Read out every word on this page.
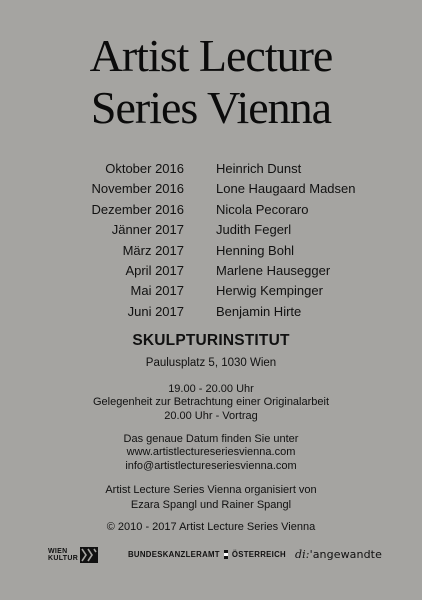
Artist Lecture
Series Vienna
Oktober 2016 Heinrich Dunst
November 2016 Lone Haugaard Madsen
Dezember 2016 Nicola Pecoraro
Jänner 2017 Judith Fegerl
März 2017 Henning Bohl
April 2017 Marlene Hausegger
Mai 2017 Herwig Kempinger
Juni 2017 Benjamin Hirte
SKULPTURINSTITUT
Paulusplatz 5, 1030 Wien
19.00 - 20.00 Uhr
Gelegenheit zur Betrachtung einer Originalarbeit
20.00 Uhr - Vortrag
Das genaue Datum finden Sie unter
www.artistlectureseriesvienna.com
info@artistlectureseriesvienna.com
Artist Lecture Series Vienna organisiert von
Ezara Spangl und Rainer Spangl
© 2010 - 2017 Artist Lecture Series Vienna
WIEN
KULTUR	BUNDESKANZLERAMT ÖSTERREICH di:'angewandte
